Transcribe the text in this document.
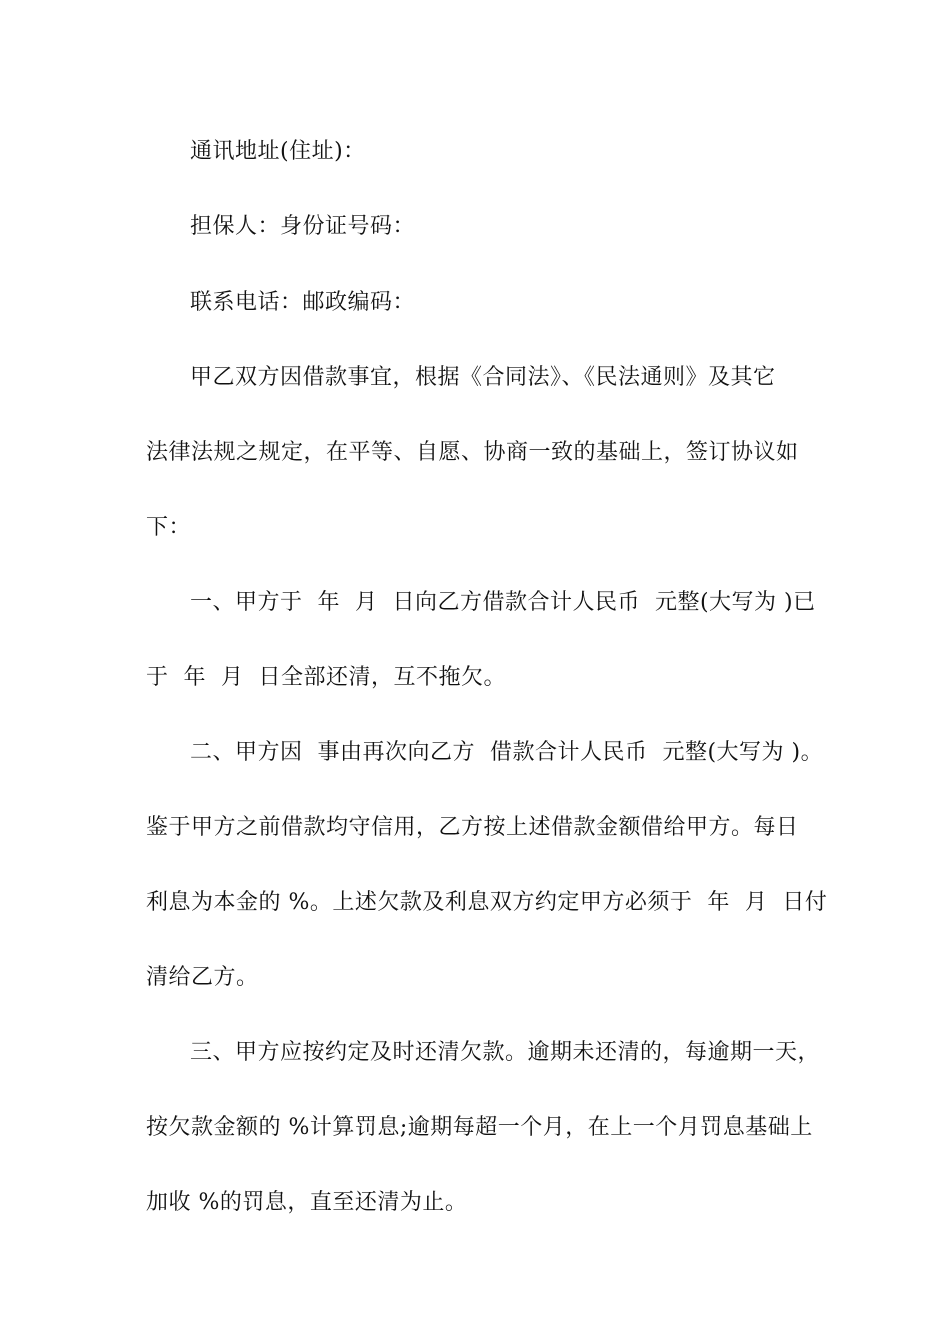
通讯地址(住址)：
担保人：身份证号码：
联系电话：邮政编码：
甲乙双方因借款事宜，根据《合同法》、《民法通则》及其它
法律法规之规定，在平等、自愿、协商一致的基础上，签订协议如
下：
一、甲方于  年  月  日向乙方借款合计人民币  元整(大写为 )已
于  年  月  日全部还清，互不拖欠。
二、甲方因  事由再次向乙方  借款合计人民币  元整(大写为 )。
鉴于甲方之前借款均守信用，乙方按上述借款金额借给甲方。每日
利息为本金的 %。上述欠款及利息双方约定甲方必须于  年  月  日付
清给乙方。
三、甲方应按约定及时还清欠款。逾期未还清的，每逾期一天，
按欠款金额的 %计算罚息;逾期每超一个月，在上一个月罚息基础上
加收 %的罚息，直至还清为止。
